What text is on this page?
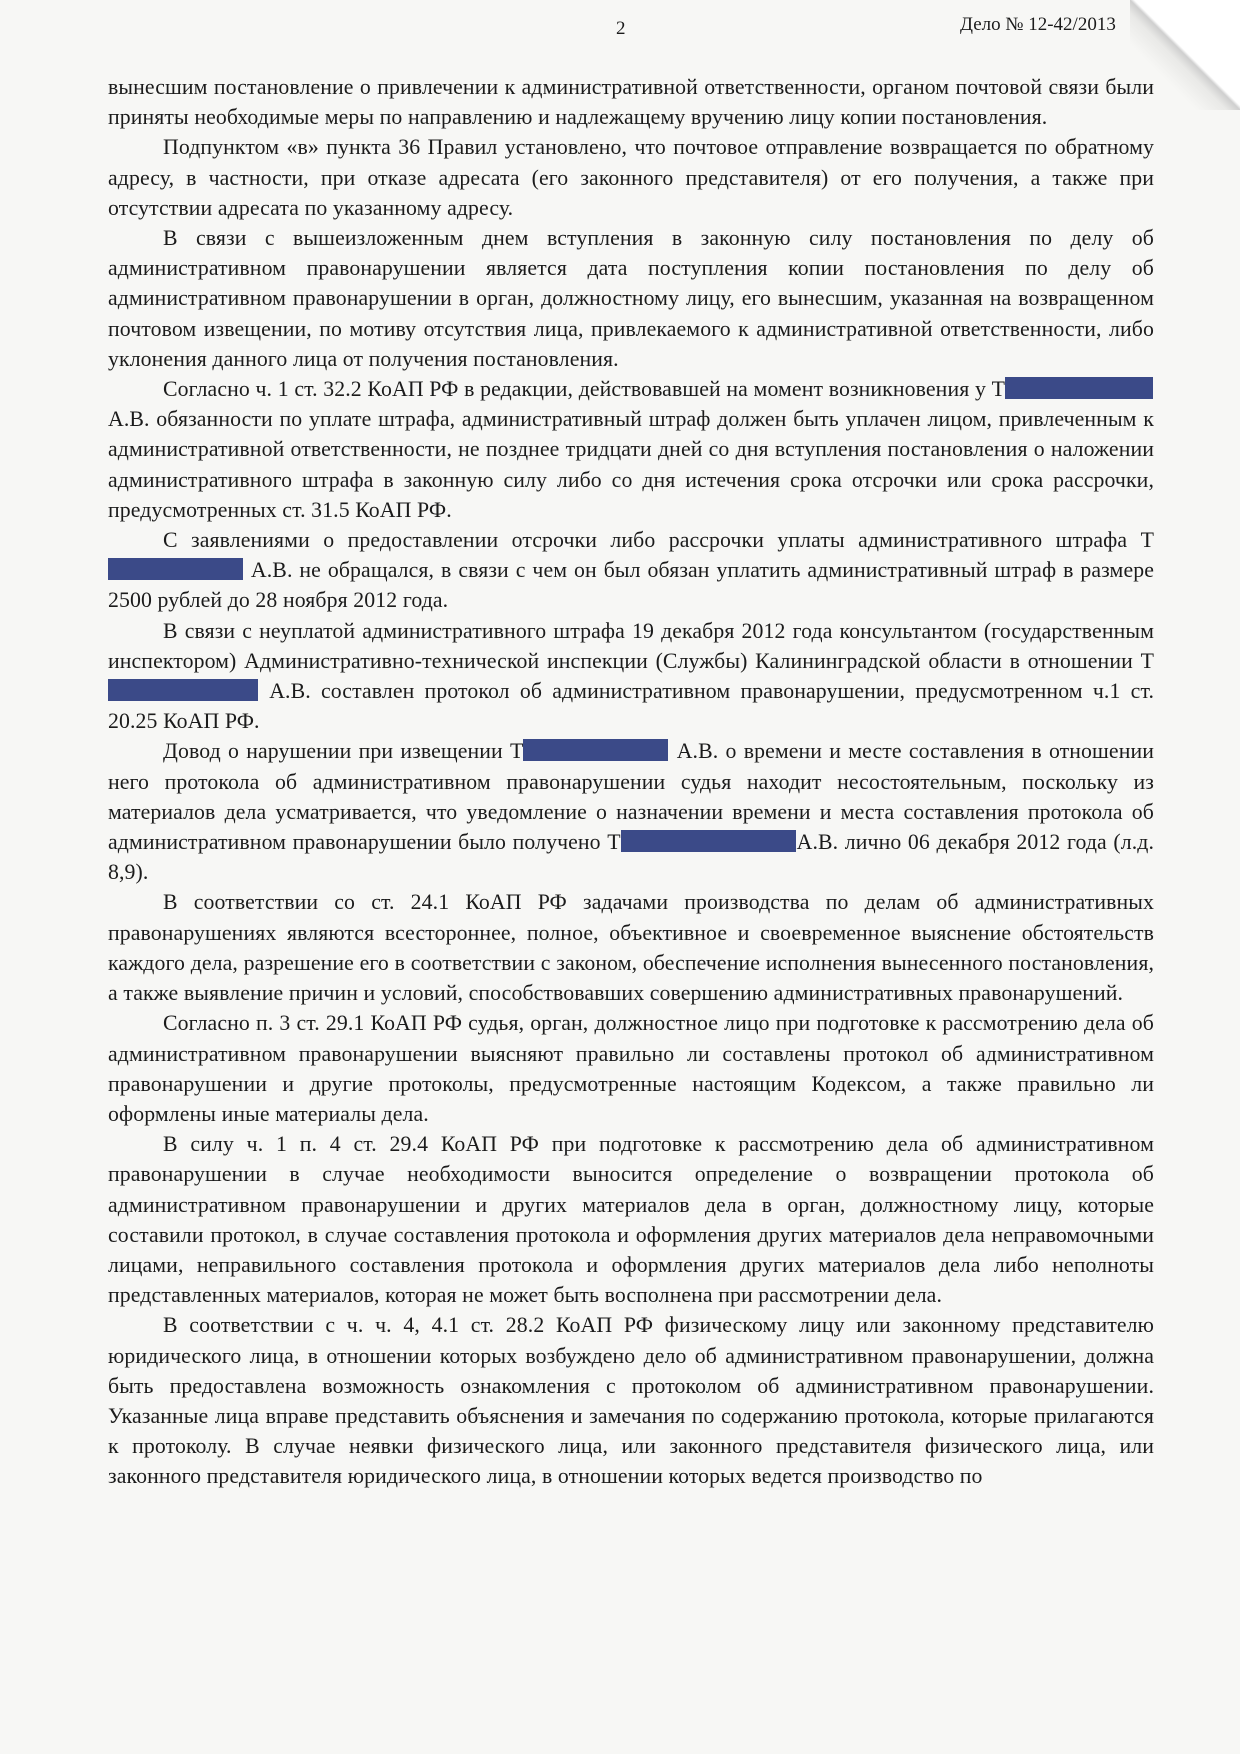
2	Дело № 12-42/2013

вынесшим постановление о привлечении к административной ответственности, органом почтовой связи были приняты необходимые меры по направлению и надлежащему вручению лицу копии постановления.

Подпунктом «в» пункта 36 Правил установлено, что почтовое отправление возвращается по обратному адресу, в частности, при отказе адресата (его законного представителя) от его получения, а также при отсутствии адресата по указанному адресу.

В связи с вышеизложенным днем вступления в законную силу постановления по делу об административном правонарушении является дата поступления копии постановления по делу об административном правонарушении в орган, должностному лицу, его вынесшим, указанная на возвращенном почтовом извещении, по мотиву отсутствия лица, привлекаемого к административной ответственности, либо уклонения данного лица от получения постановления.

Согласно ч. 1 ст. 32.2 КоАП РФ в редакции, действовавшей на момент возникновения у ТА.В. обязанности по уплате штрафа, административный штраф должен быть уплачен лицом, привлеченным к административной ответственности, не позднее тридцати дней со дня вступления постановления о наложении административного штрафа в законную силу либо со дня истечения срока отсрочки или срока рассрочки, предусмотренных ст. 31.5 КоАП РФ.

С заявлениями о предоставлении отсрочки либо рассрочки уплаты административного штрафа Т А.В. не обращался, в связи с чем он был обязан уплатить административный штраф в размере 2500 рублей до 28 ноября 2012 года.

В связи с неуплатой административного штрафа 19 декабря 2012 года консультантом (государственным инспектором) Административно-технической инспекции (Службы) Калининградской области в отношении Т А.В. составлен протокол об административном правонарушении, предусмотренном ч.1 ст. 20.25 КоАП РФ.

Довод о нарушении при извещении Т	А.В. о времени и месте составления в отношении него протокола об административном правонарушении судья находит несостоятельным, поскольку из материалов дела усматривается, что уведомление о назначении времени и места составления протокола об административном правонарушении было получено Т	А.В. лично 06 декабря 2012 года (л.д. 8,9).

В соответствии со ст. 24.1 КоАП РФ задачами производства по делам об административных правонарушениях являются всестороннее, полное, объективное и своевременное выяснение обстоятельств каждого дела, разрешение его в соответствии с законом, обеспечение исполнения вынесенного постановления, а также выявление причин и условий, способствовавших совершению административных правонарушений.

Согласно п. 3 ст. 29.1 КоАП РФ судья, орган, должностное лицо при подготовке к рассмотрению дела об административном правонарушении выясняют правильно ли составлены протокол об административном правонарушении и другие протоколы, предусмотренные настоящим Кодексом, а также правильно ли оформлены иные материалы дела.

В силу ч. 1 п. 4 ст. 29.4 КоАП РФ при подготовке к рассмотрению дела об административном правонарушении в случае необходимости выносится определение о возвращении протокола об административном правонарушении и других материалов дела в орган, должностному лицу, которые составили протокол, в случае составления протокола и оформления других материалов дела неправомочными лицами, неправильного составления протокола и оформления других материалов дела либо неполноты представленных материалов, которая не может быть восполнена при рассмотрении дела.

В соответствии с ч. ч. 4, 4.1 ст. 28.2 КоАП РФ физическому лицу или законному представителю юридического лица, в отношении которых возбуждено дело об административном правонарушении, должна быть предоставлена возможность ознакомления с протоколом об административном правонарушении. Указанные лица вправе представить объяснения и замечания по содержанию протокола, которые прилагаются к протоколу. В случае неявки физического лица, или законного представителя физического лица, или законного представителя юридического лица, в отношении которых ведется производство по
